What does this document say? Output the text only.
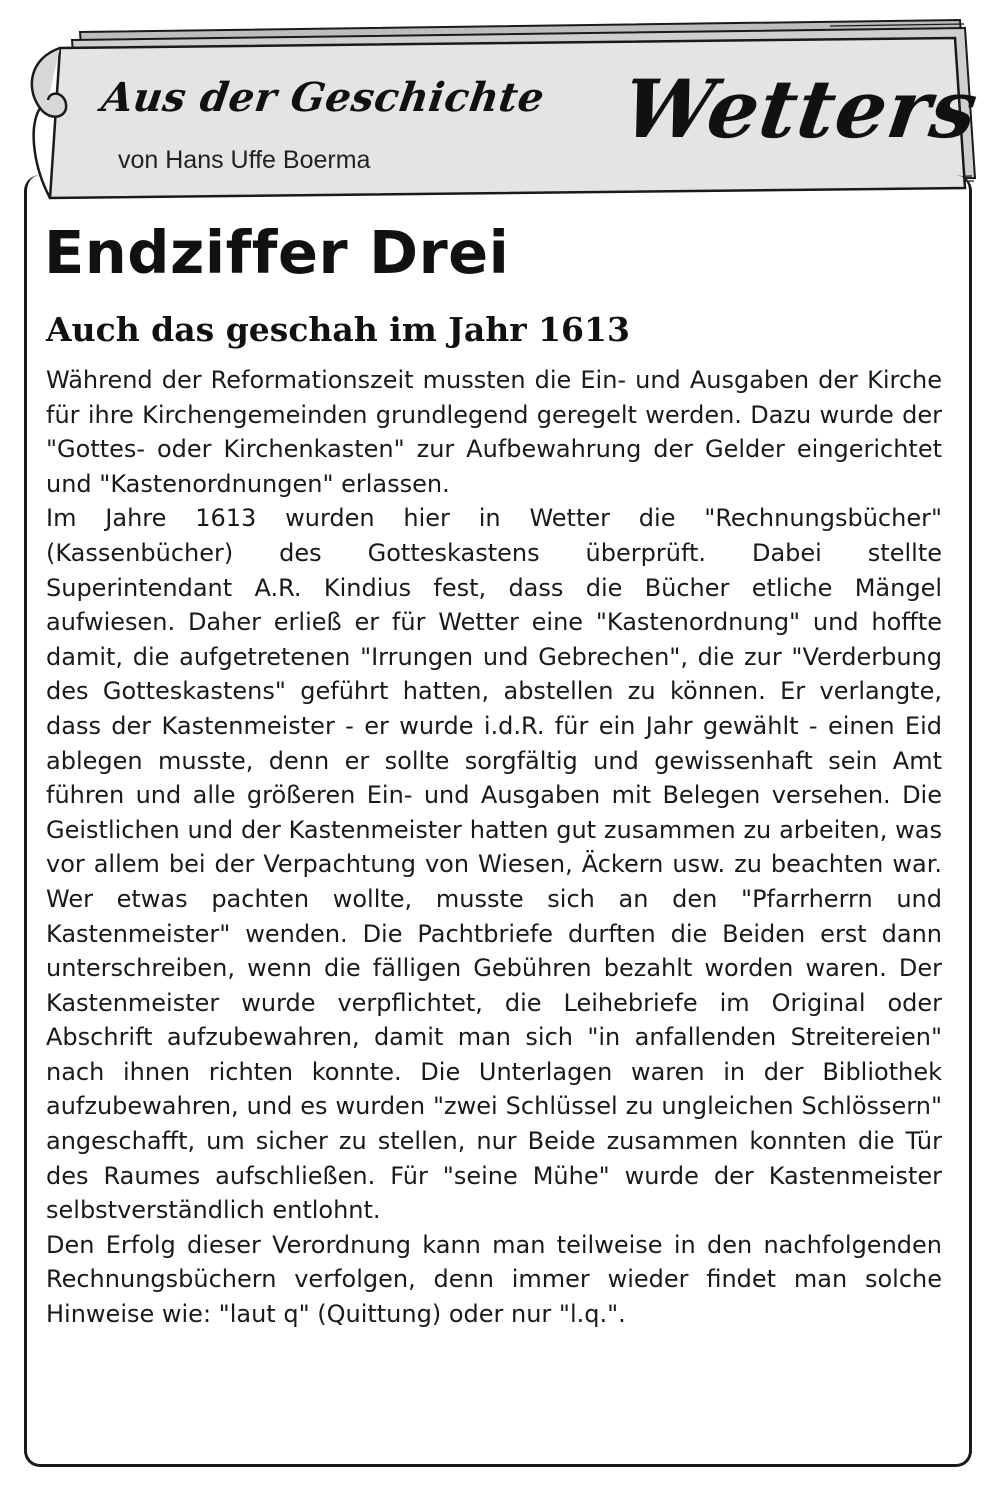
Aus der Geschichte Wetters
von Hans Uffe Boerma
Endziffer Drei
Auch das geschah im Jahr 1613

Während der Reformationszeit mussten die Ein- und Ausgaben der Kirche für ihre Kirchengemeinden grundlegend geregelt werden. Dazu wurde der "Gottes- oder Kirchenkasten" zur Aufbewahrung der Gelder eingerichtet und "Kastenordnungen" erlassen.

Im Jahre 1613 wurden hier in Wetter die "Rechnungsbücher" (Kassenbücher) des Gotteskastens überprüft. Dabei stellte Superintendant A.R. Kindius fest, dass die Bücher etliche Mängel aufwiesen. Daher erließ er für Wetter eine "Kastenordnung" und hoffte damit, die aufgetretenen "Irrungen und Gebrechen", die zur "Verderbung des Gotteskastens" geführt hatten, abstellen zu können. Er verlangte, dass der Kastenmeister - er wurde i.d.R. für ein Jahr gewählt - einen Eid ablegen musste, denn er sollte sorgfältig und gewissenhaft sein Amt führen und alle größeren Ein- und Ausgaben mit Belegen versehen. Die Geistlichen und der Kastenmeister hatten gut zusammen zu arbeiten, was vor allem bei der Verpachtung von Wiesen, Äckern usw. zu beachten war. Wer etwas pachten wollte, musste sich an den "Pfarrherrn und Kastenmeister" wenden. Die Pachtbriefe durften die Beiden erst dann unterschreiben, wenn die fälligen Gebühren bezahlt worden waren. Der Kastenmeister wurde verpflichtet, die Leihebriefe im Original oder Abschrift aufzubewahren, damit man sich "in anfallenden Streitereien" nach ihnen richten konnte. Die Unterlagen waren in der Bibliothek aufzubewahren, und es wurden "zwei Schlüssel zu ungleichen Schlössern" angeschafft, um sicher zu stellen, nur Beide zusammen konnten die Tür des Raumes aufschließen. Für "seine Mühe" wurde der Kastenmeister selbstverständlich entlohnt.

Den Erfolg dieser Verordnung kann man teilweise in den nachfolgenden Rechnungsbüchern verfolgen, denn immer wieder findet man solche Hinweise wie: "laut q" (Quittung) oder nur "l.q.".
